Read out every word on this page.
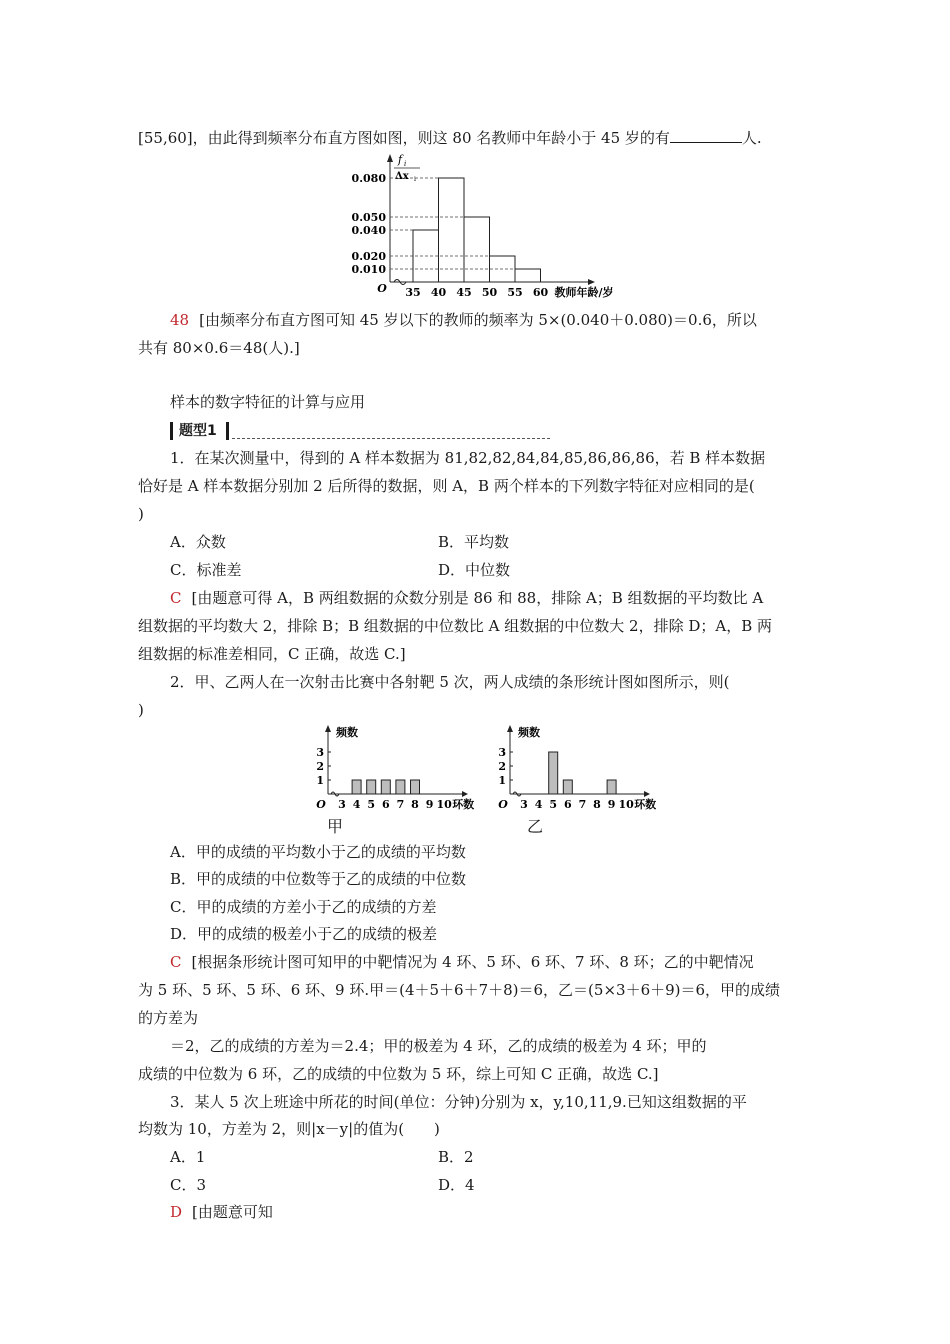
[55,60]，由此得到频率分布直方图如图，则这 80 名教师中年龄小于 45 岁的有	人.
0.080
0.050
0.040
0.020
0.010
35 40 45 50 55 60
O	教师年龄/岁
f i
Δx i
48 [由频率分布直方图可知 45 岁以下的教师的频率为 5×(0.040＋0.080)＝0.6，所以
共有 80×0.6＝48(人).]
样本的数字特征的计算与应用
题型1
1．在某次测量中，得到的 A 样本数据为 81,82,82,84,84,85,86,86,86，若 B 样本数据
恰好是 A 样本数据分别加 2 后所得的数据，则 A，B 两个样本的下列数字特征对应相同的是(
)
A．众数	B．平均数
C．标准差	D．中位数
C [由题意可得 A，B 两组数据的众数分别是 86 和 88，排除 A；B 组数据的平均数比 A
组数据的平均数大 2，排除 B；B 组数据的中位数比 A 组数据的中位数大 2，排除 D；A，B 两
组数据的标准差相同，C 正确，故选 C.]
2．甲、乙两人在一次射击比赛中各射靶 5 次，两人成绩的条形统计图如图所示，则(
)
1
2
3
3 4 5 6 7 8 9 10
O	环数
频数
1
2
3
3 4 5 6 7 8 9 10
O	环数
频数
甲	乙
A．甲的成绩的平均数小于乙的成绩的平均数
B．甲的成绩的中位数等于乙的成绩的中位数
C．甲的成绩的方差小于乙的成绩的方差
D．甲的成绩的极差小于乙的成绩的极差
C [根据条形统计图可知甲的中靶情况为 4 环、5 环、6 环、7 环、8 环；乙的中靶情况
为 5 环、5 环、5 环、6 环、9 环.甲＝(4＋5＋6＋7＋8)＝6，乙＝(5×3＋6＋9)＝6，甲的成绩
的方差为
＝2，乙的成绩的方差为＝2.4；甲的极差为 4 环，乙的成绩的极差为 4 环；甲的
成绩的中位数为 6 环，乙的成绩的中位数为 5 环，综上可知 C 正确，故选 C.]
3．某人 5 次上班途中所花的时间(单位：分钟)分别为 x，y,10,11,9.已知这组数据的平
均数为 10，方差为 2，则|x－y|的值为(　　)
A．1	B．2
C．3	D．4
D [由题意可知
